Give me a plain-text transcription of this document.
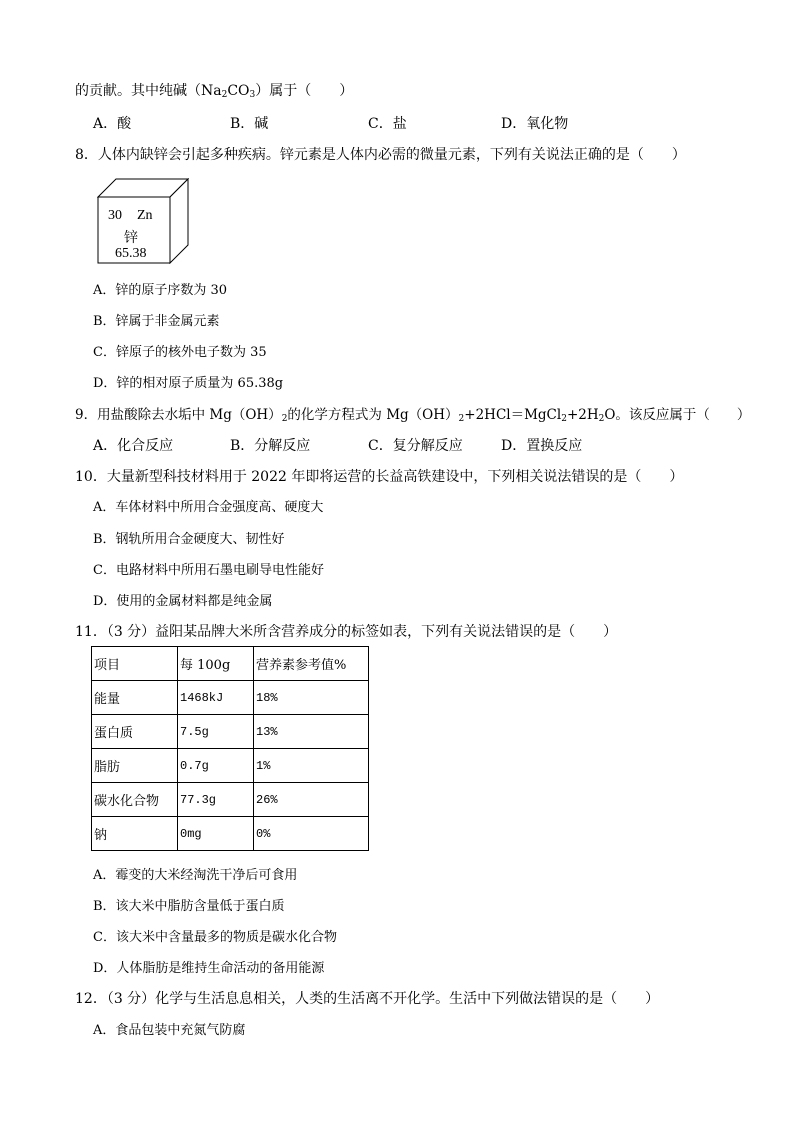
的贡献。其中纯碱$(Na_2CO_3)$属于（　　）
A．酸	B．碱	C．盐	D．氧化物
8．人体内缺锌会引起多种疾病。锌元素是人体内必需的微量元素，下列有关说法正确的是（　　）
30 Zn
锌
65.38
A．锌的原子序数为 30
B．锌属于非金属元素
C．锌原子的核外电子数为 35
D．锌的相对原子质量为 65.38g
9．用盐酸除去水垢中 $Mg(OH)_2$的化学方程式为 $Mg(OH)_2+2HCl=MgCl_2+2H_2O$。该反应属于（　　）
A．化合反应	B．分解反应	C．复分解反应	D．置换反应
10．大量新型科技材料用于 2022 年即将运营的长益高铁建设中，下列相关说法错误的是（　　）
A．车体材料中所用合金强度高、硬度大
B．钢轨所用合金硬度大、韧性好
C．电路材料中所用石墨电刷导电性能好
D．使用的金属材料都是纯金属
11．（3 分）益阳某品牌大米所含营养成分的标签如表，下列有关说法错误的是（　　）
项目	每 100g	营养素参考值%
能量	1468kJ	18%
蛋白质	7.5g	13%
脂肪	0.7g	1%
碳水化合物	77.3g	26%
钠	0mg	0%
A．霉变的大米经淘洗干净后可食用
B．该大米中脂肪含量低于蛋白质
C．该大米中含量最多的物质是碳水化合物
D．人体脂肪是维持生命活动的备用能源
12．（3 分）化学与生活息息相关，人类的生活离不开化学。生活中下列做法错误的是（　　）
A．食品包装中充氮气防腐
